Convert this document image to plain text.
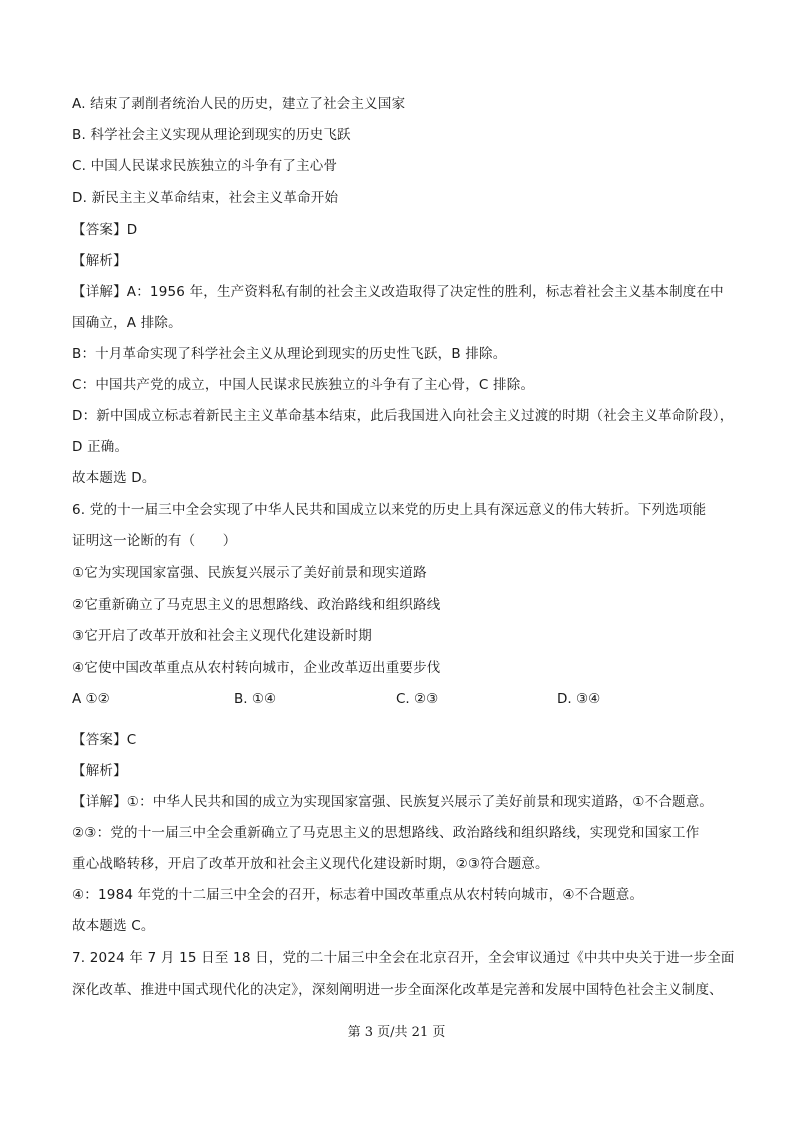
A. 结束了剥削者统治人民的历史，建立了社会主义国家
B. 科学社会主义实现从理论到现实的历史飞跃
C. 中国人民谋求民族独立的斗争有了主心骨
D. 新民主主义革命结束，社会主义革命开始
【答案】D
【解析】
【详解】A：1956 年，生产资料私有制的社会主义改造取得了决定性的胜利，标志着社会主义基本制度在中
国确立，A 排除。
B：十月革命实现了科学社会主义从理论到现实的历史性飞跃，B 排除。
C：中国共产党的成立，中国人民谋求民族独立的斗争有了主心骨，C 排除。
D：新中国成立标志着新民主主义革命基本结束，此后我国进入向社会主义过渡的时期（社会主义革命阶段），
D 正确。
故本题选 D。
6. 党的十一届三中全会实现了中华人民共和国成立以来党的历史上具有深远意义的伟大转折。下列选项能
证明这一论断的有（　　）
①它为实现国家富强、民族复兴展示了美好前景和现实道路
②它重新确立了马克思主义的思想路线、政治路线和组织路线
③它开启了改革开放和社会主义现代化建设新时期
④它使中国改革重点从农村转向城市，企业改革迈出重要步伐
A ①②	B. ①④	C. ②③	D. ③④
【答案】C
【解析】
【详解】①：中华人民共和国的成立为实现国家富强、民族复兴展示了美好前景和现实道路，①不合题意。
②③：党的十一届三中全会重新确立了马克思主义的思想路线、政治路线和组织路线，实现党和国家工作
重心战略转移，开启了改革开放和社会主义现代化建设新时期，②③符合题意。
④：1984 年党的十二届三中全会的召开，标志着中国改革重点从农村转向城市，④不合题意。
故本题选 C。
7. 2024 年 7 月 15 日至 18 日，党的二十届三中全会在北京召开，全会审议通过《中共中央关于进一步全面
深化改革、推进中国式现代化的决定》，深刻阐明进一步全面深化改革是完善和发展中国特色社会主义制度、
第 3 页/共 21 页
